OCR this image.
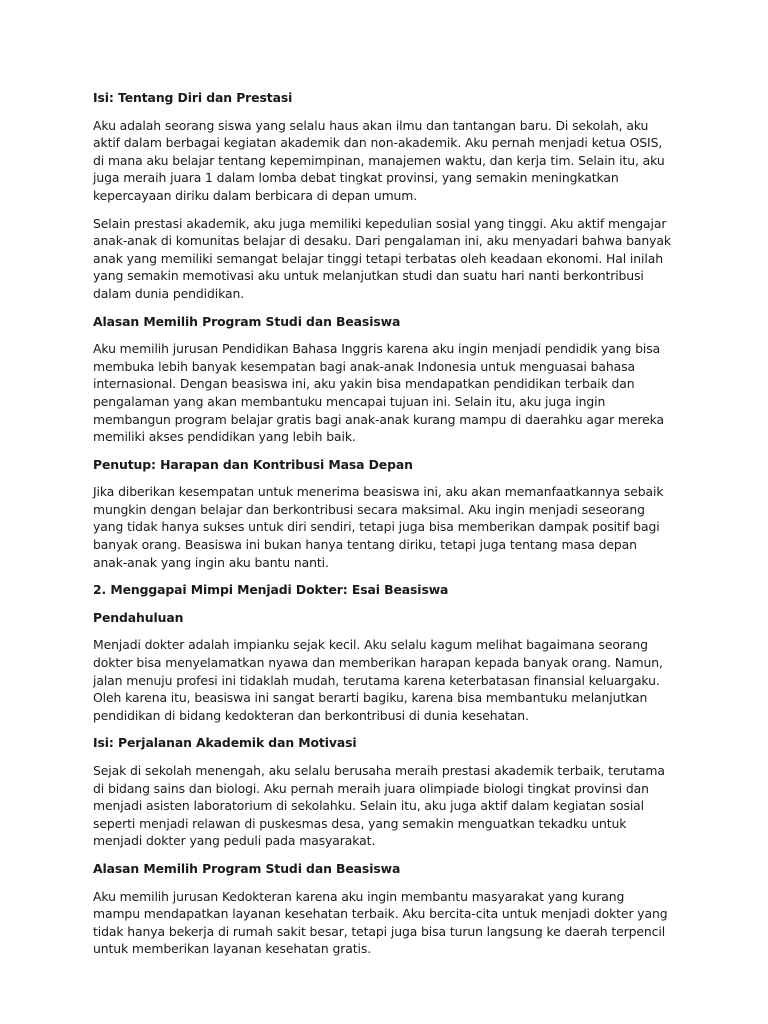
Isi: Tentang Diri dan Prestasi

Aku adalah seorang siswa yang selalu haus akan ilmu dan tantangan baru. Di sekolah, aku aktif dalam berbagai kegiatan akademik dan non-akademik. Aku pernah menjadi ketua OSIS, di mana aku belajar tentang kepemimpinan, manajemen waktu, dan kerja tim. Selain itu, aku juga meraih juara 1 dalam lomba debat tingkat provinsi, yang semakin meningkatkan kepercayaan diriku dalam berbicara di depan umum.

Selain prestasi akademik, aku juga memiliki kepedulian sosial yang tinggi. Aku aktif mengajar anak-anak di komunitas belajar di desaku. Dari pengalaman ini, aku menyadari bahwa banyak anak yang memiliki semangat belajar tinggi tetapi terbatas oleh keadaan ekonomi. Hal inilah yang semakin memotivasi aku untuk melanjutkan studi dan suatu hari nanti berkontribusi dalam dunia pendidikan.

Alasan Memilih Program Studi dan Beasiswa

Aku memilih jurusan Pendidikan Bahasa Inggris karena aku ingin menjadi pendidik yang bisa membuka lebih banyak kesempatan bagi anak-anak Indonesia untuk menguasai bahasa internasional. Dengan beasiswa ini, aku yakin bisa mendapatkan pendidikan terbaik dan pengalaman yang akan membantuku mencapai tujuan ini. Selain itu, aku juga ingin membangun program belajar gratis bagi anak-anak kurang mampu di daerahku agar mereka memiliki akses pendidikan yang lebih baik.

Penutup: Harapan dan Kontribusi Masa Depan

Jika diberikan kesempatan untuk menerima beasiswa ini, aku akan memanfaatkannya sebaik mungkin dengan belajar dan berkontribusi secara maksimal. Aku ingin menjadi seseorang yang tidak hanya sukses untuk diri sendiri, tetapi juga bisa memberikan dampak positif bagi banyak orang. Beasiswa ini bukan hanya tentang diriku, tetapi juga tentang masa depan anak-anak yang ingin aku bantu nanti.

2. Menggapai Mimpi Menjadi Dokter: Esai Beasiswa

Pendahuluan

Menjadi dokter adalah impianku sejak kecil. Aku selalu kagum melihat bagaimana seorang dokter bisa menyelamatkan nyawa dan memberikan harapan kepada banyak orang. Namun, jalan menuju profesi ini tidaklah mudah, terutama karena keterbatasan finansial keluargaku. Oleh karena itu, beasiswa ini sangat berarti bagiku, karena bisa membantuku melanjutkan pendidikan di bidang kedokteran dan berkontribusi di dunia kesehatan.

Isi: Perjalanan Akademik dan Motivasi

Sejak di sekolah menengah, aku selalu berusaha meraih prestasi akademik terbaik, terutama di bidang sains dan biologi. Aku pernah meraih juara olimpiade biologi tingkat provinsi dan menjadi asisten laboratorium di sekolahku. Selain itu, aku juga aktif dalam kegiatan sosial seperti menjadi relawan di puskesmas desa, yang semakin menguatkan tekadku untuk menjadi dokter yang peduli pada masyarakat.

Alasan Memilih Program Studi dan Beasiswa

Aku memilih jurusan Kedokteran karena aku ingin membantu masyarakat yang kurang mampu mendapatkan layanan kesehatan terbaik. Aku bercita-cita untuk menjadi dokter yang tidak hanya bekerja di rumah sakit besar, tetapi juga bisa turun langsung ke daerah terpencil untuk memberikan layanan kesehatan gratis.
